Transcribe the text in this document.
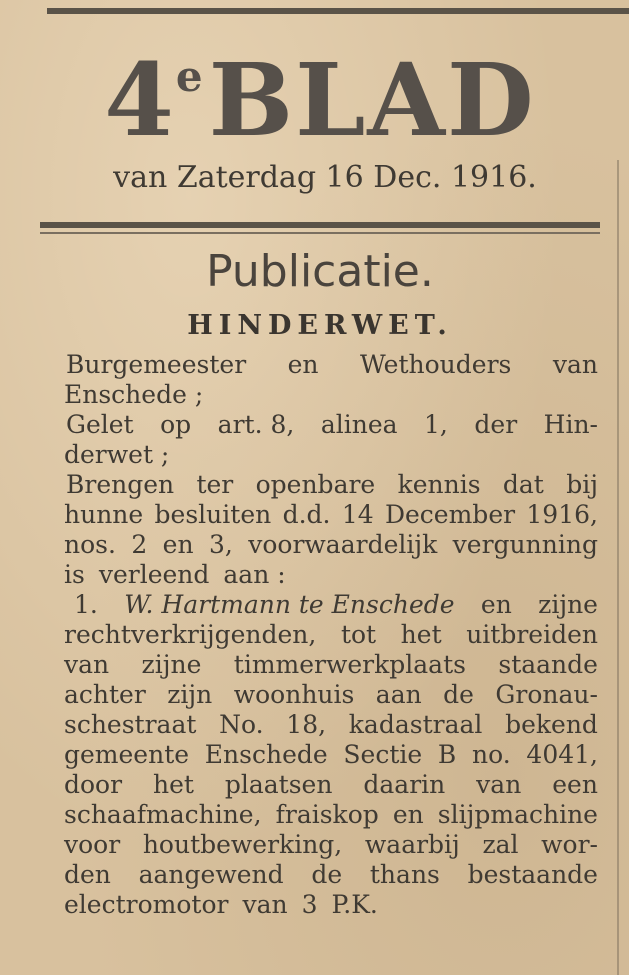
4eBLAD
van Zaterdag 16 Dec. 1916.
Publicatie.
HINDERWET.
Burgemeester en Wethouders van
Enschede ;
Gelet op art. 8, alinea 1, der Hin-
derwet ;
Brengen ter openbare kennis dat bij
hunne besluiten d.d. 14 December 1916,
nos. 2 en 3, voorwaardelijk vergunning
is verleend aan :
1. W. Hartmann te Enschede en zijne
rechtverkrijgenden, tot het uitbreiden
van zijne timmerwerkplaats staande
achter zijn woonhuis aan de Gronau-
schestraat No. 18, kadastraal bekend
gemeente Enschede Sectie B no. 4041,
door het plaatsen daarin van een
schaafmachine, fraiskop en slijpmachine
voor houtbewerking, waarbij zal wor-
den aangewend de thans bestaande
electromotor van 3 P.K.
